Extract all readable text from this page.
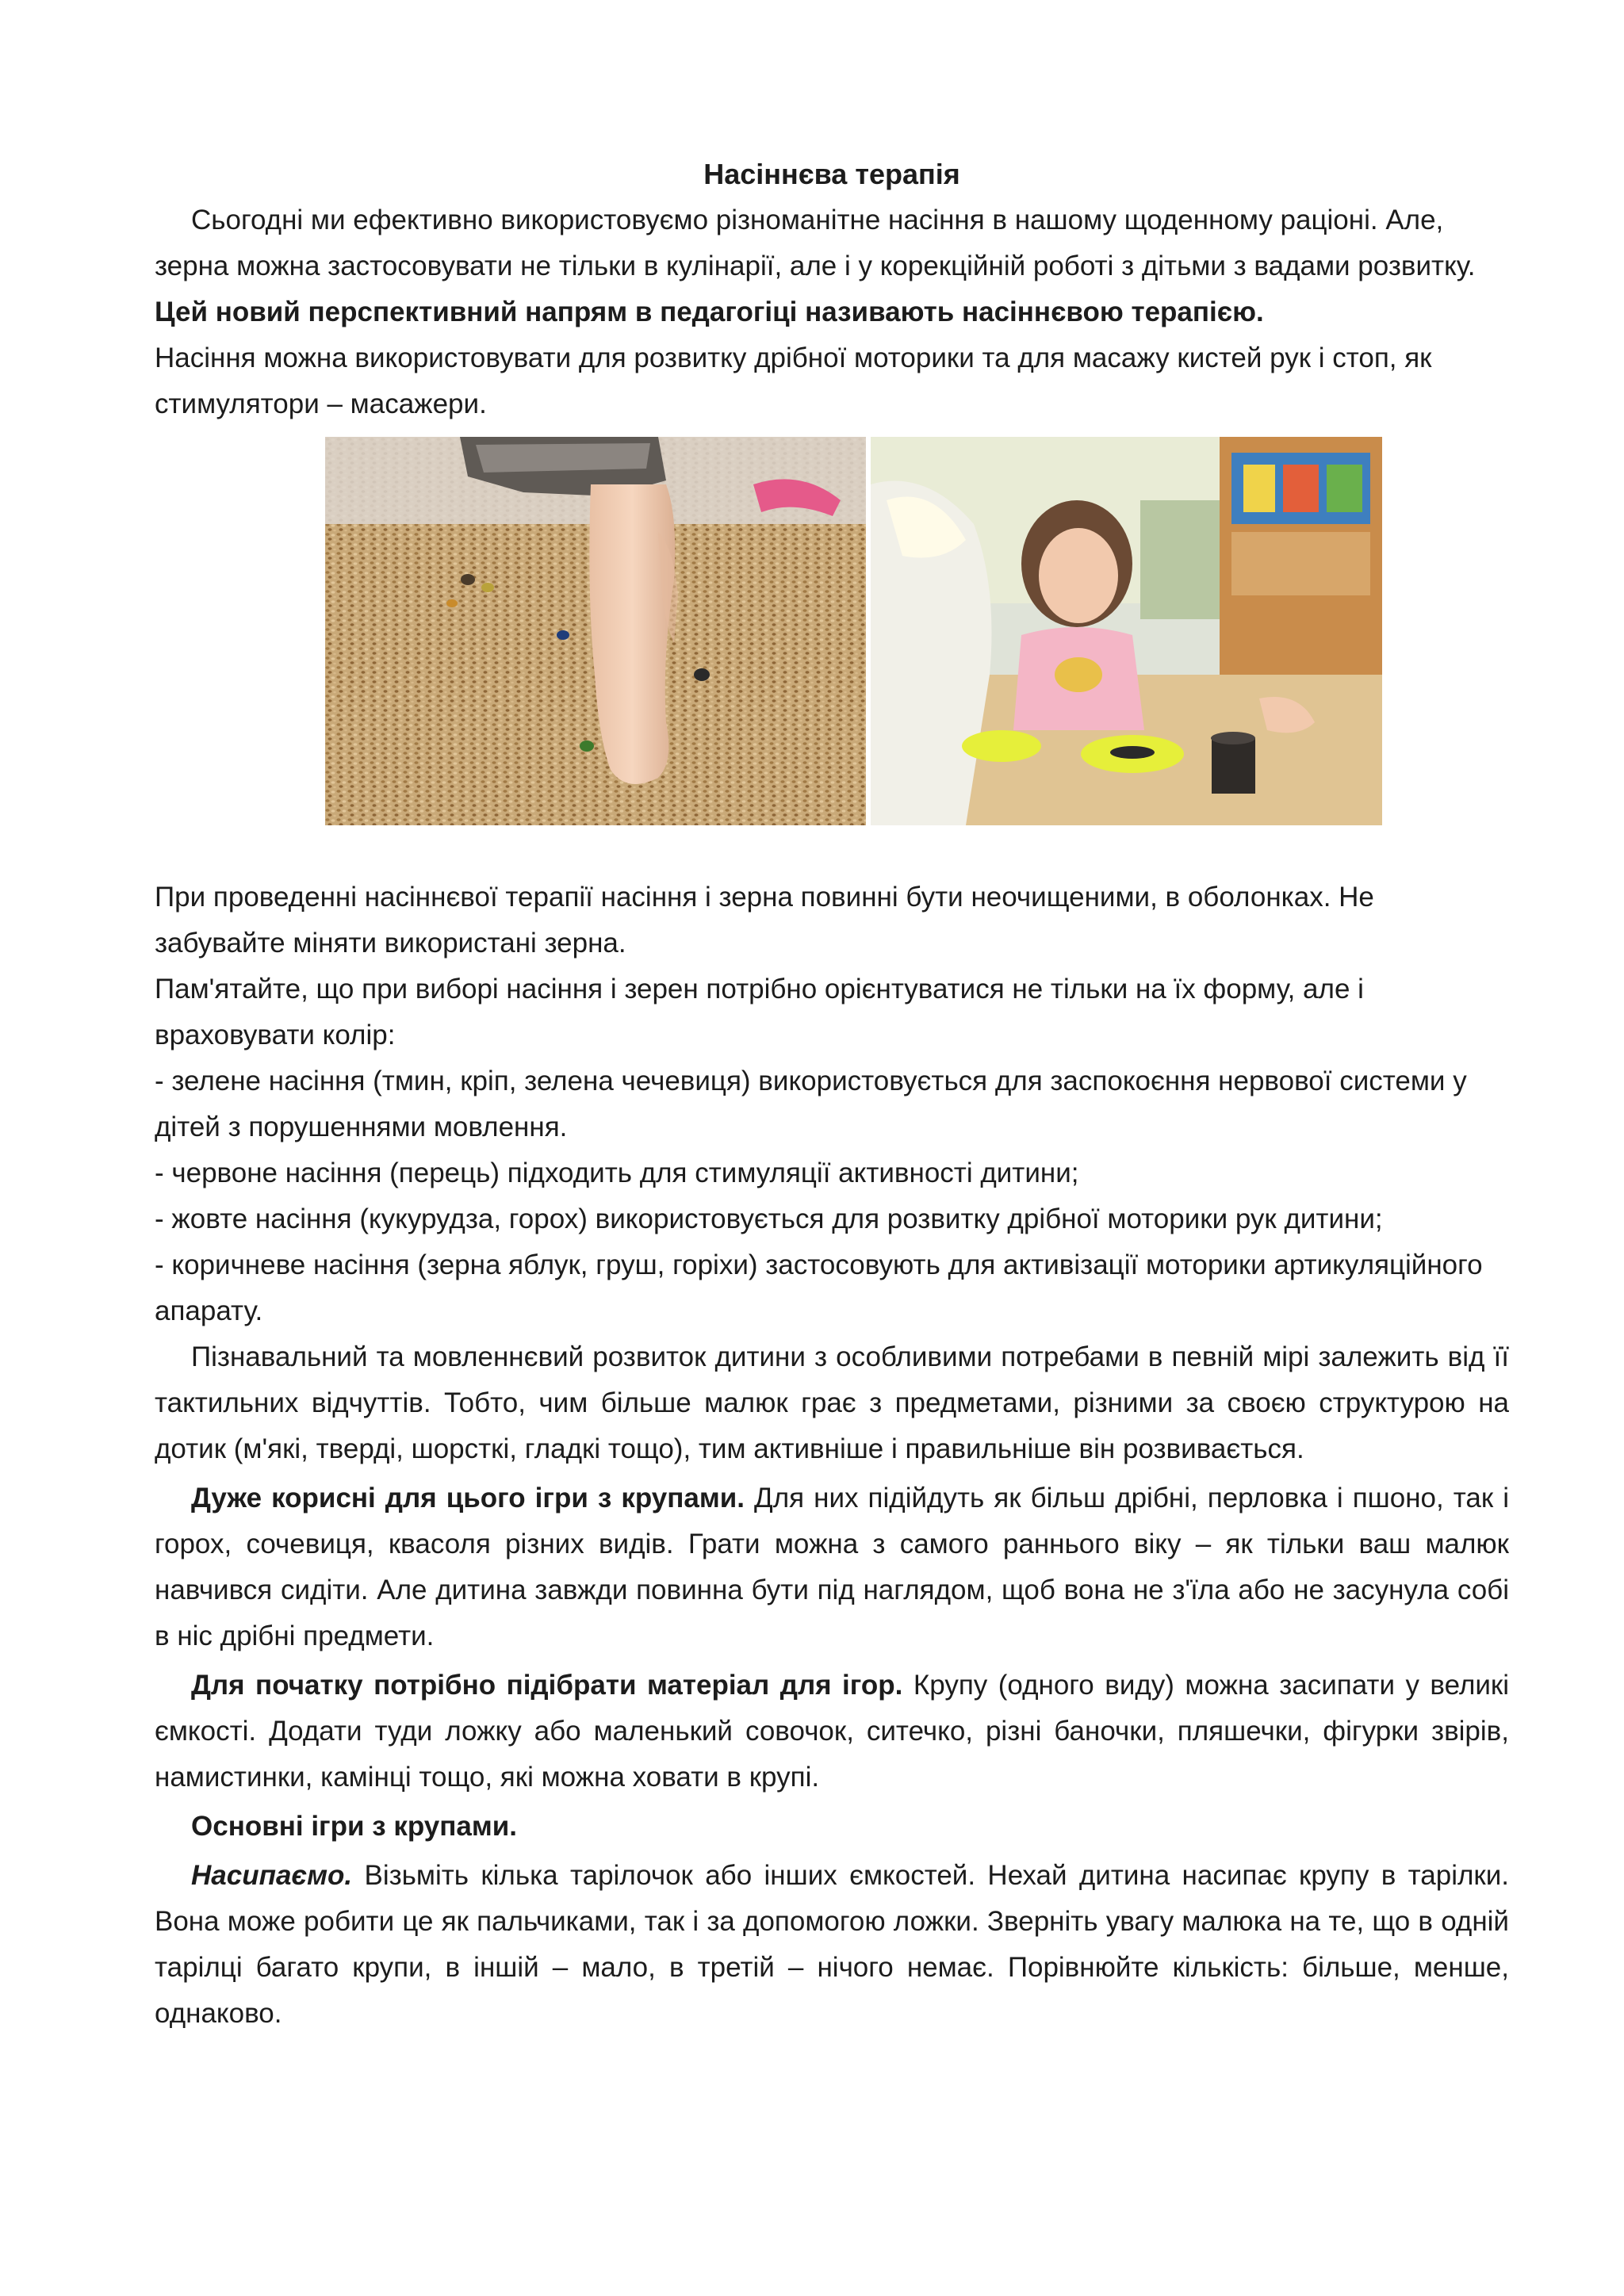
Насіннєва терапія

Сьогодні ми ефективно використовуємо різноманітне насіння в нашому щоденному раціоні. Але, зерна можна застосовувати не тільки в кулінарії, але і у корекційній роботі з дітьми з вадами розвитку.

Цей новий перспективний напрям в педагогіці називають насіннєвою терапією.

Насіння можна використовувати для розвитку дрібної моторики та для масажу кистей рук і стоп, як стимулятори – масажери.

При проведенні насіннєвої терапії насіння і зерна повинні бути неочищеними, в оболонках. Не забувайте міняти використані зерна.

Пам'ятайте, що при виборі насіння і зерен потрібно орієнтуватися не тільки на їх форму, але і враховувати колір:

- зелене насіння (тмин, кріп, зелена чечевиця) використовується для заспокоєння нервової системи у дітей з порушеннями мовлення.

- червоне насіння (перець) підходить для стимуляції активності дитини;

- жовте насіння (кукурудза, горох) використовується для розвитку дрібної моторики рук дитини;

- коричневе насіння (зерна яблук, груш, горіхи) застосовують для активізації моторики артикуляційного апарату.

Пізнавальний та мовленнєвий розвиток дитини з особливими потребами в певній мірі залежить від її тактильних відчуттів. Тобто, чим більше малюк грає з предметами, різними за своєю структурою на дотик (м'які, тверді, шорсткі, гладкі тощо), тим активніше і правильніше він розвивається.

Дуже корисні для цього ігри з крупами. Для них підійдуть як більш дрібні, перловка і пшоно, так і горох, сочевиця, квасоля різних видів. Грати можна з самого раннього віку – як тільки ваш малюк навчився сидіти. Але дитина завжди повинна бути під наглядом, щоб вона не з'їла або не засунула собі в ніс дрібні предмети.

Для початку потрібно підібрати матеріал для ігор. Крупу (одного виду) можна засипати у великі ємкості. Додати туди ложку або маленький совочок, ситечко, різні баночки, пляшечки, фігурки звірів, намистинки, камінці тощо, які можна ховати в крупі.

Основні ігри з крупами.

Насипаємо. Візьміть кілька тарілочок або інших ємкостей. Нехай дитина насипає крупу в тарілки. Вона може робити це як пальчиками, так і за допомогою ложки. Зверніть увагу малюка на те, що в одній тарілці багато крупи, в іншій – мало, в третій – нічого немає. Порівнюйте кількість: більше, менше, однаково.
